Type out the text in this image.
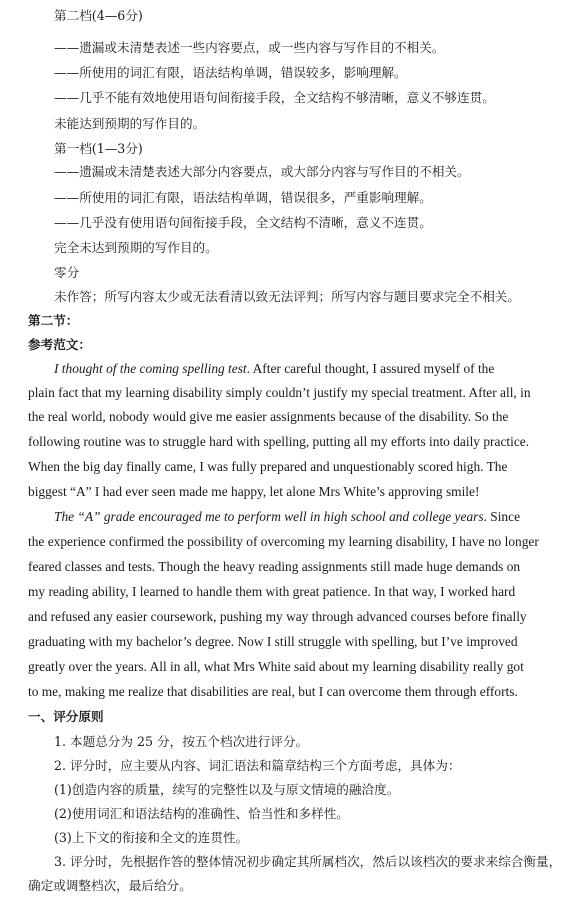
第二档(4—6分)
——遗漏或未清楚表述一些内容要点，或一些内容与写作目的不相关。
——所使用的词汇有限，语法结构单调，错误较多，影响理解。
——几乎不能有效地使用语句间衔接手段，全文结构不够清晰，意义不够连贯。
未能达到预期的写作目的。
第一档(1—3分)
——遗漏或未清楚表述大部分内容要点，或大部分内容与写作目的不相关。
——所使用的词汇有限，语法结构单调，错误很多，严重影响理解。
——几乎没有使用语句间衔接手段，全文结构不清晰，意义不连贯。
完全未达到预期的写作目的。
零分
未作答；所写内容太少或无法看清以致无法评判；所写内容与题目要求完全不相关。
第二节：
参考范文：
I thought of the coming spelling test. After careful thought, I assured myself of the
plain fact that my learning disability simply couldn’t justify my special treatment. After all, in
the real world, nobody would give me easier assignments because of the disability. So the
following routine was to struggle hard with spelling, putting all my efforts into daily practice.
When the big day finally came, I was fully prepared and unquestionably scored high. The
biggest “A” I had ever seen made me happy, let alone Mrs White’s approving smile!
The “A” grade encouraged me to perform well in high school and college years. Since
the experience confirmed the possibility of overcoming my learning disability, I have no longer
feared classes and tests. Though the heavy reading assignments still made huge demands on
my reading ability, I learned to handle them with great patience. In that way, I worked hard
and refused any easier coursework, pushing my way through advanced courses before finally
graduating with my bachelor’s degree. Now I still struggle with spelling, but I’ve improved
greatly over the years. All in all, what Mrs White said about my learning disability really got
to me, making me realize that disabilities are real, but I can overcome them through efforts.
一、评分原则
1. 本题总分为 25 分，按五个档次进行评分。
2. 评分时，应主要从内容、词汇语法和篇章结构三个方面考虑，具体为：
(1)创造内容的质量，续写的完整性以及与原文情境的融洽度。
(2)使用词汇和语法结构的准确性、恰当性和多样性。
(3)上下文的衔接和全文的连贯性。
3. 评分时，先根据作答的整体情况初步确定其所属档次，然后以该档次的要求来综合衡量，
确定或调整档次，最后给分。
